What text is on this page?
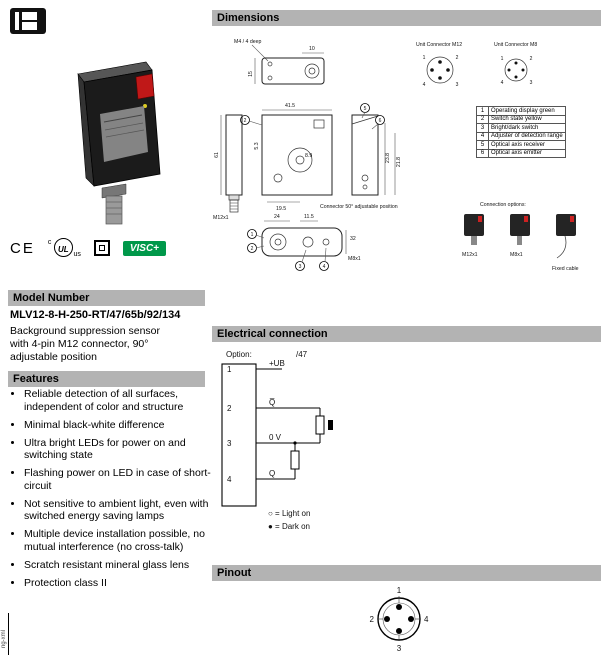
CE c
UL
us
VISC+
Model Number
MLV12-8-H-250-RT/47/65b/92/134
Background suppression sensor
with 4-pin M12 connector, 90° adjustable position
Features
• Reliable detection of all surfaces, independent of color and structure
• Minimal black-white difference
• Ultra bright LEDs for power on and switching state
• Flashing power on LED in case of short-circuit
• Not sensitive to ambient light, even with switched energy saving lamps
• Multiple device installation possible, no mutual interference (no cross-talk)
• Scratch resistant mineral glass lens
• Protection class II
Dimensions
M4 / 4 deep
10
15
41.5
8.9
19.5
5.3
2
M12x1
61
5
6
23.8 21.8
Connector 50° adjustable position
Unit Connector M12
1	2
3
4
Unit Connector M8
1	2
3
4
24	11.5
32
M8x1
1
2
3	4
Connection options:
M12x1	M8x1
Fixed cable
1	Operating display green
2	Switch state yellow
3	Bright/dark switch
4	Adjuster of detection range
5	Optical axis receiver
6	Optical axis emitter
Electrical connection
Option:	/47
1
+UB
2
Q̅
3
0 V
4
Q
○ = Light on
● = Dark on
Pinout
1
2
3
4
ng-xml
